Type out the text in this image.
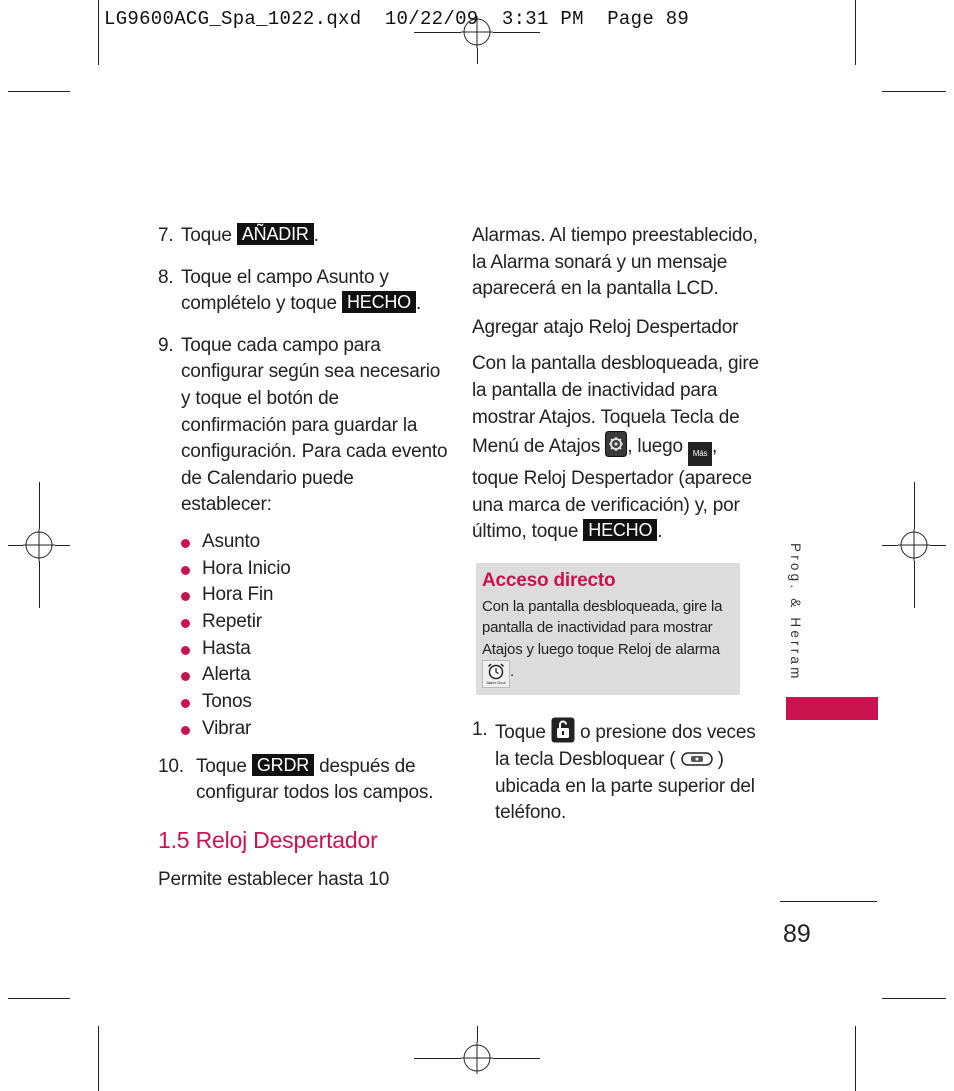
LG9600ACG_Spa_1022.qxd 10/22/09 3:31 PM Page 89
7. Toque AÑADIR .
8. Toque el campo Asunto y complételo y toque HECHO .
9. Toque cada campo para configurar según sea necesario y toque el botón de confirmación para guardar la configuración. Para cada evento de Calendario puede establecer:
Asunto
Hora Inicio
Hora Fin
Repetir
Hasta
Alerta
Tonos
Vibrar
10. Toque GRDR después de configurar todos los campos.
1.5 Reloj Despertador
Permite establecer hasta 10
Alarmas. Al tiempo preestablecido, la Alarma sonará y un mensaje aparecerá en la pantalla LCD.
Agregar atajo Reloj Despertador
Con la pantalla desbloqueada, gire la pantalla de inactividad para mostrar Atajos. Toquela Tecla de Menú de Atajos , luego Más , toque Reloj Despertador (aparece una marca de verificación) y, por último, toque HECHO .
Acceso directo
Con la pantalla desbloqueada, gire la pantalla de inactividad para mostrar Atajos y luego toque Reloj de alarma
Alarm Clock
.
1. Toque  o presione dos veces la tecla Desbloquear (  ) ubicada en la parte superior del teléfono.
Prog. & Herram
89
